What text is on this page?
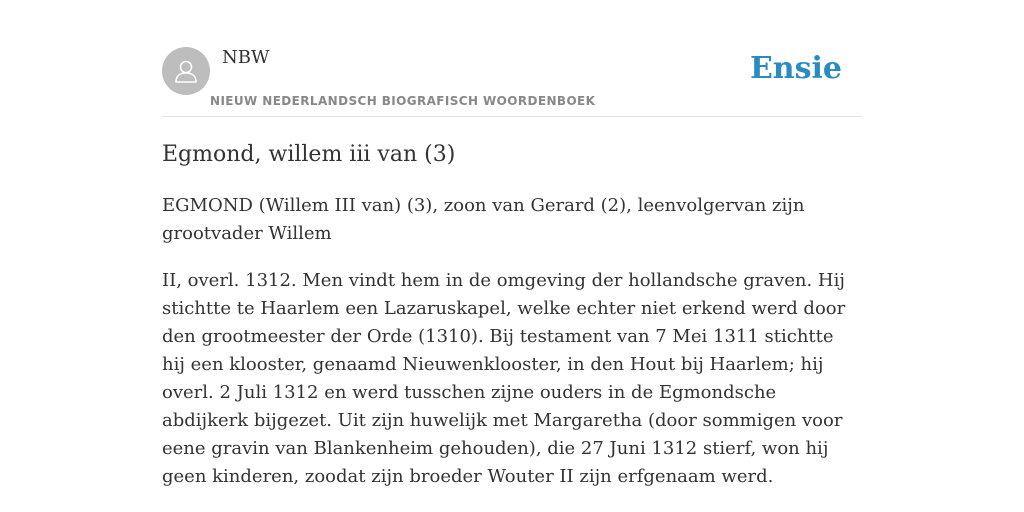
NBW
NIEUW NEDERLANDSCH BIOGRAFISCH WOORDENBOEK
Ensie
Egmond, willem iii van (3)

EGMOND (Willem III van) (3), zoon van Gerard (2), leenvolgervan zijn grootvader Willem

II, overl. 1312. Men vindt hem in de omgeving der hollandsche graven. Hij stichtte te Haarlem een Lazaruskapel, welke echter niet erkend werd door den grootmeester der Orde (1310). Bij testament van 7 Mei 1311 stichtte hij een klooster, genaamd Nieuwenklooster, in den Hout bij Haarlem; hij overl. 2 Juli 1312 en werd tusschen zijne ouders in de Egmondsche abdijkerk bijgezet. Uit zijn huwelijk met Margaretha (door sommigen voor eene gravin van Blankenheim gehouden), die 27 Juni 1312 stierf, won hij geen kinderen, zoodat zijn broeder Wouter II zijn erfgenaam werd.
